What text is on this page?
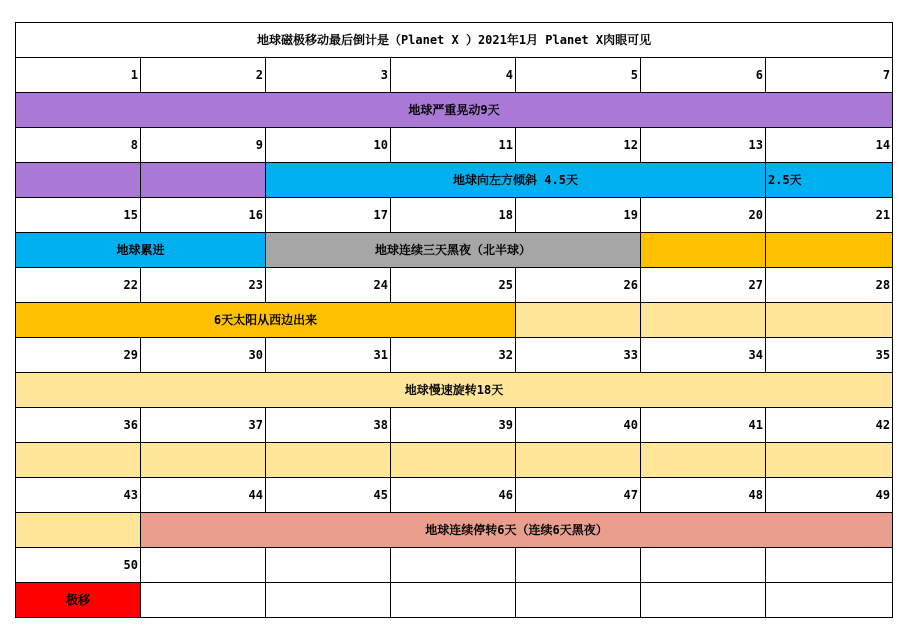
地球磁极移动最后倒计是（Planet X ）2021年1月 Planet X肉眼可见						
1	2	3	4	5	6	7
地球严重晃动9天						
8	9	10	11	12	13	14
		地球向左方倾斜 4.5天				2.5天
15	16	17	18	19	20	21
地球累进		地球连续三天黑夜（北半球）				
22	23	24	25	26	27	28
6天太阳从西边出来						
29	30	31	32	33	34	35
地球慢速旋转18天						
36	37	38	39	40	41	42

43	44	45	46	47	48	49
	地球连续停转6天（连续6天黑夜）					
50						
极移						
